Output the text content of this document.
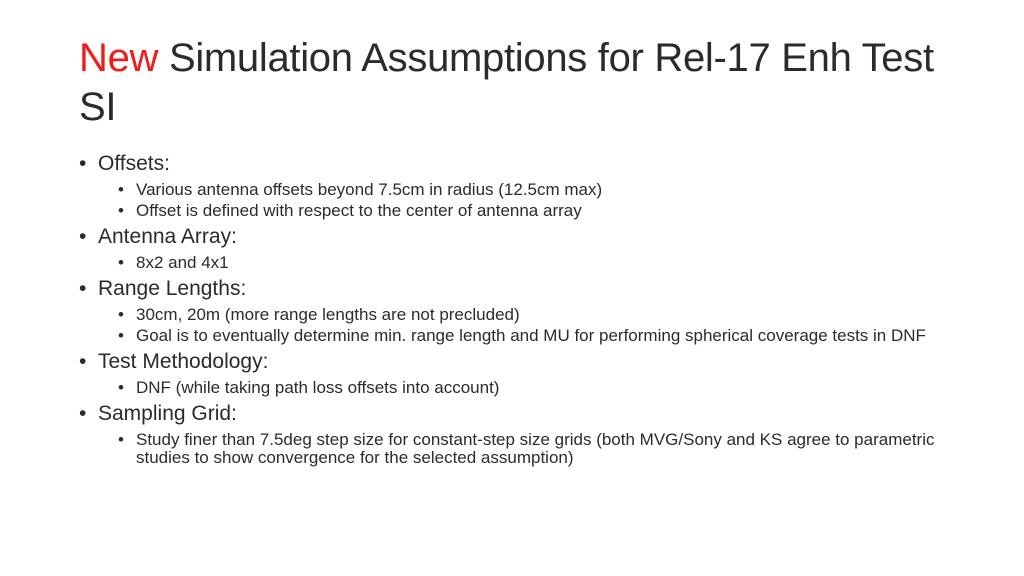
New Simulation Assumptions for Rel-17 Enh Test SI
• Offsets:
• Various antenna offsets beyond 7.5cm in radius (12.5cm max)
• Offset is defined with respect to the center of antenna array
• Antenna Array:
• 8x2 and 4x1
• Range Lengths:
• 30cm, 20m (more range lengths are not precluded)
• Goal is to eventually determine min. range length and MU for performing spherical coverage tests in DNF
• Test Methodology:
• DNF (while taking path loss offsets into account)
• Sampling Grid:
• Study finer than 7.5deg step size for constant-step size grids (both MVG/Sony and KS agree to parametric studies to show convergence for the selected assumption)
